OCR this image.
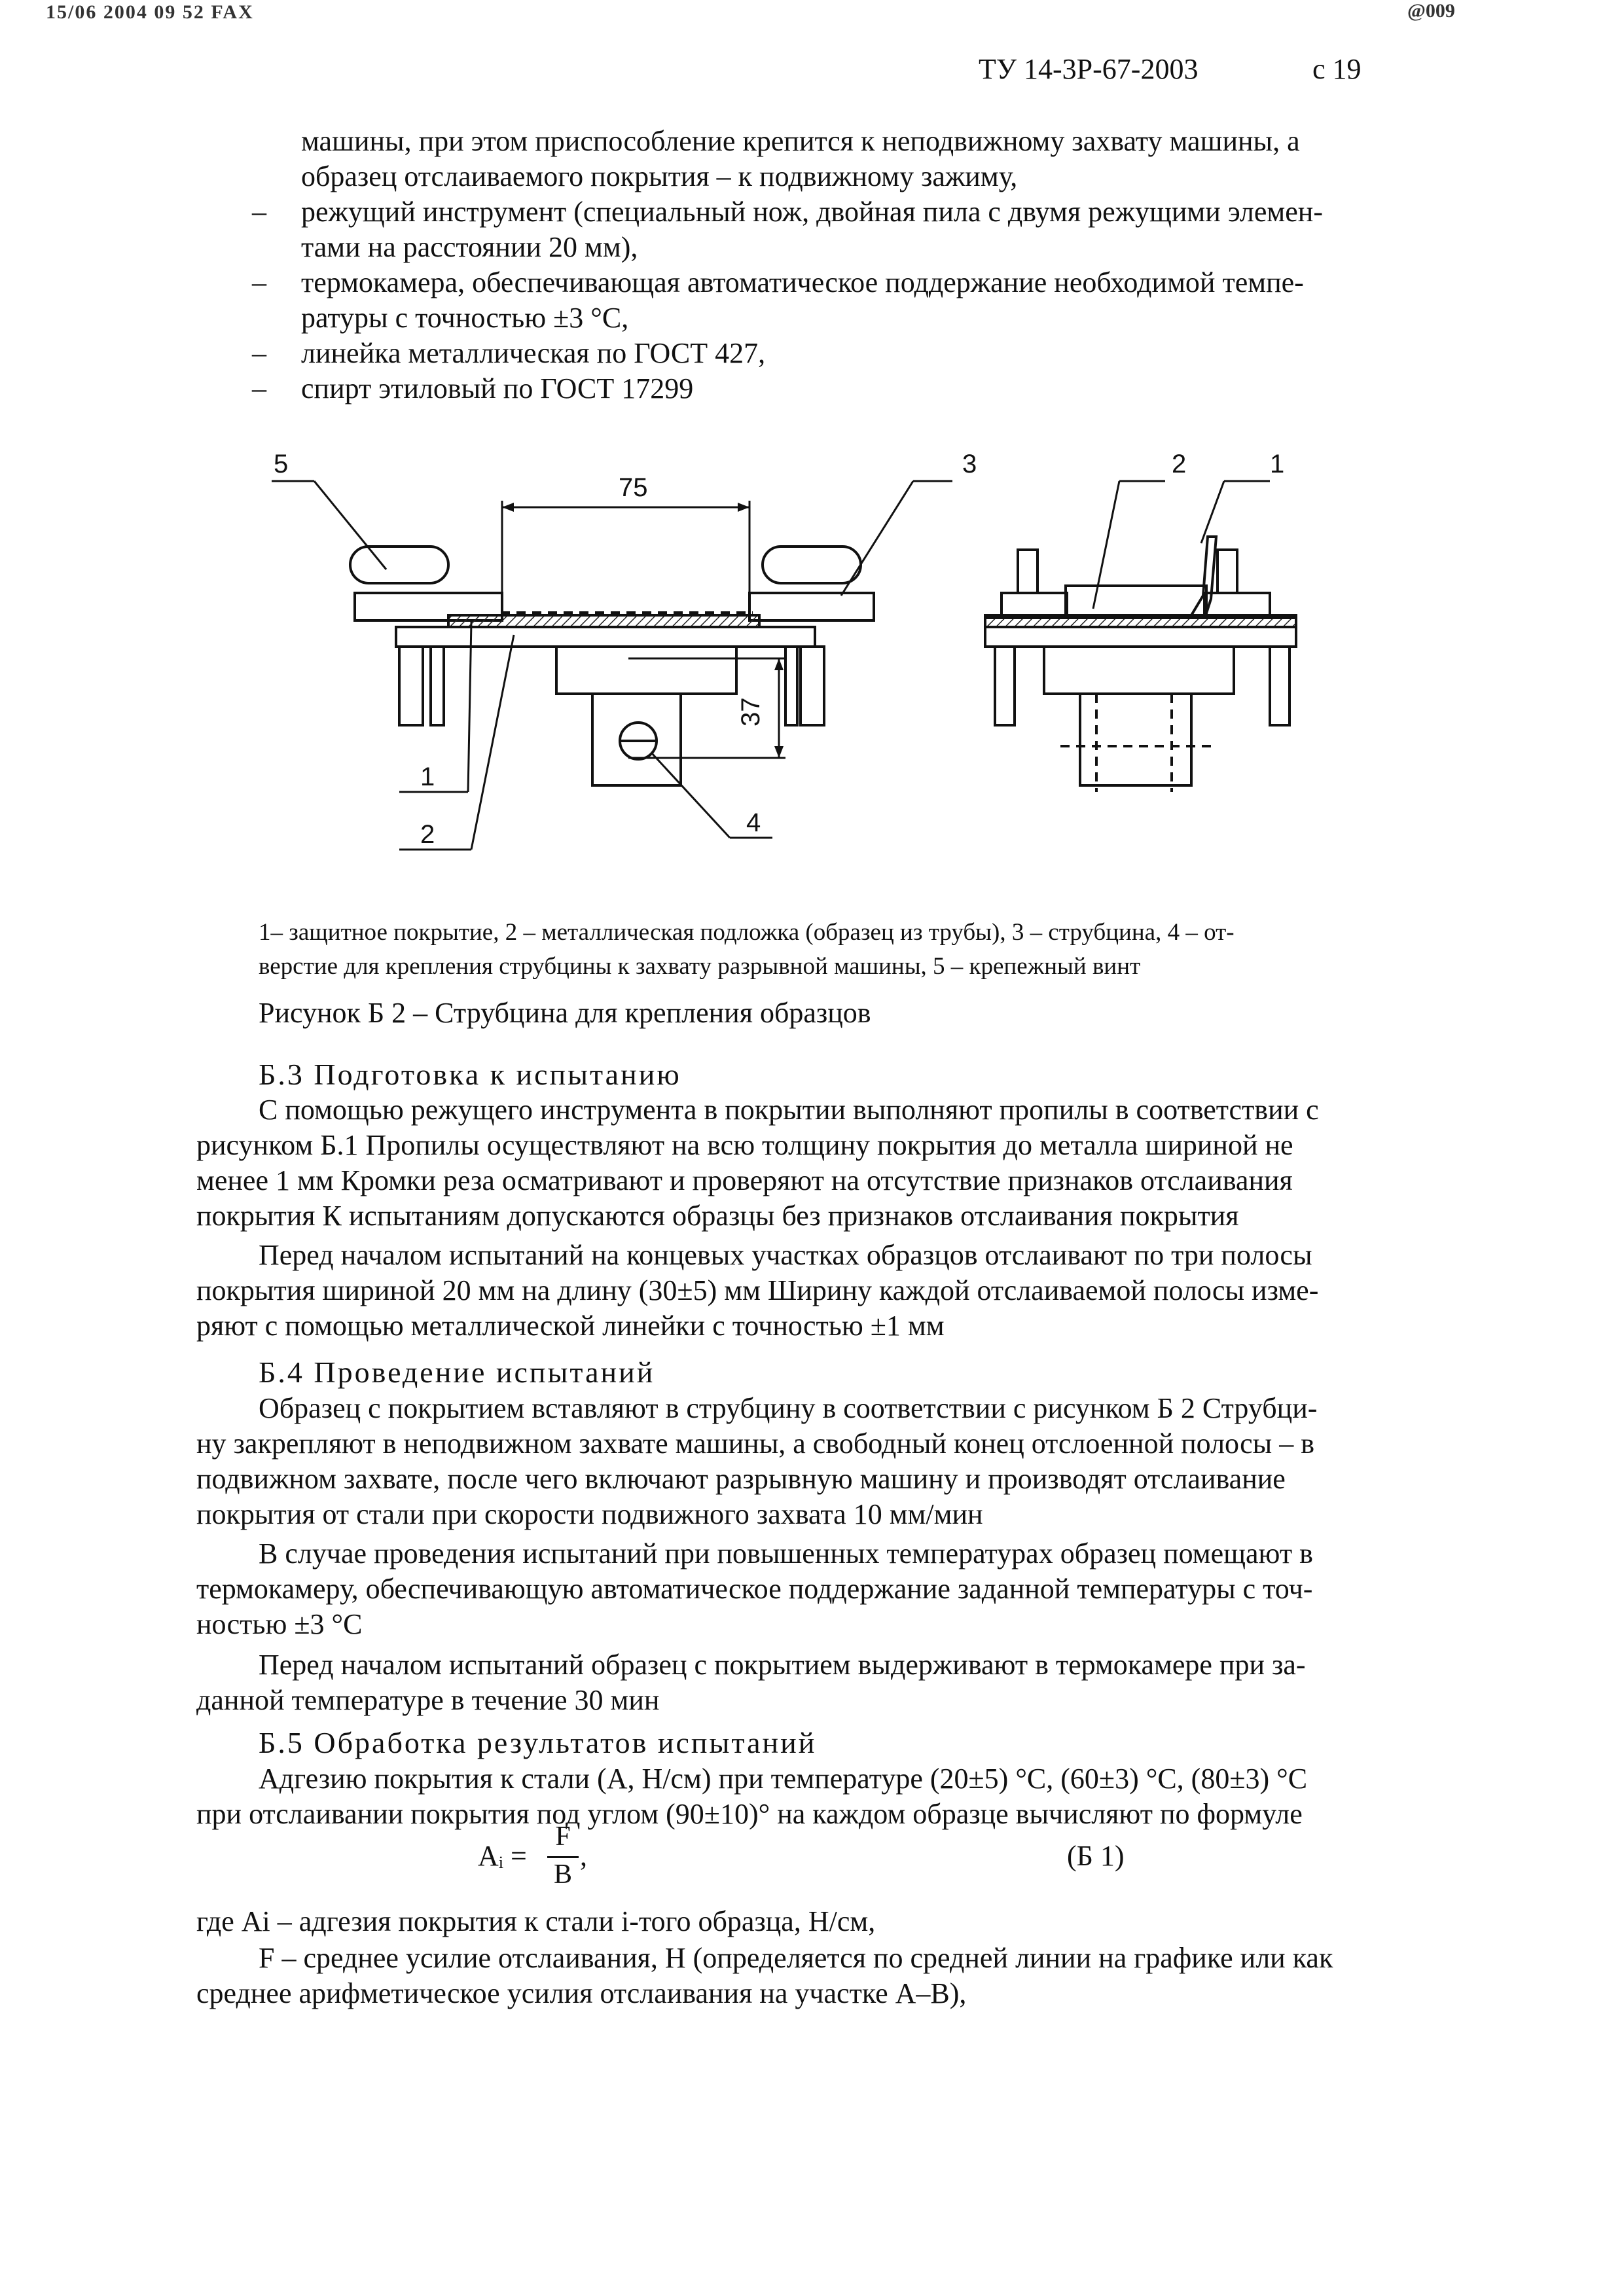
15/06 2004 09 52 FAX	@009
ТУ 14-3Р-67-2003	с 19
машины, при этом приспособление крепится к неподвижному захвату машины, а
образец отслаиваемого покрытия – к подвижному зажиму,
– режущий инструмент (специальный нож, двойная пила с двумя режущими элемен-
тами на расстоянии 20 мм),
– термокамера, обеспечивающая автоматическое поддержание необходимой темпе-
ратуры с точностью ±3 °С,
– линейка металлическая по ГОСТ 427,
– спирт этиловый по ГОСТ 17299
75
37
5	3
1
2	4
2	1
1– защитное покрытие, 2 – металлическая подложка (образец из трубы), 3 – струбцина, 4 – от-
верстие для крепления струбцины к захвату разрывной машины, 5 – крепежный винт
Рисунок Б 2 – Струбцина для крепления образцов
Б.3 Подготовка к испытанию
С помощью режущего инструмента в покрытии выполняют пропилы в соответствии с
рисунком Б.1 Пропилы осуществляют на всю толщину покрытия до металла шириной не
менее 1 мм Кромки реза осматривают и проверяют на отсутствие признаков отслаивания
покрытия К испытаниям допускаются образцы без признаков отслаивания покрытия
Перед началом испытаний на концевых участках образцов отслаивают по три полосы
покрытия шириной 20 мм на длину (30±5) мм Ширину каждой отслаиваемой полосы изме-
ряют с помощью металлической линейки с точностью ±1 мм
Б.4 Проведение испытаний
Образец с покрытием вставляют в струбцину в соответствии с рисунком Б 2 Струбци-
ну закрепляют в неподвижном захвате машины, а свободный конец отслоенной полосы – в
подвижном захвате, после чего включают разрывную машину и производят отслаивание
покрытия от стали при скорости подвижного захвата 10 мм/мин
В случае проведения испытаний при повышенных температурах образец помещают в
термокамеру, обеспечивающую автоматическое поддержание заданной температуры с точ-
ностью ±3 °С
Перед началом испытаний образец с покрытием выдерживают в термокамере при за-
данной температуре в течение 30 мин
Б.5 Обработка результатов испытаний
Адгезию покрытия к стали (А, Н/см) при температуре (20±5) °С, (60±3) °С, (80±3) °С
при отслаивании покрытия под углом (90±10)° на каждом образце вычисляют по формуле
Аᵢ =
F
B
,	(Б 1)
где Аі – адгезия покрытия к стали і-того образца, Н/см,
F – среднее усилие отслаивания, Н (определяется по средней линии на графике или как
среднее арифметическое усилия отслаивания на участке А–В),
